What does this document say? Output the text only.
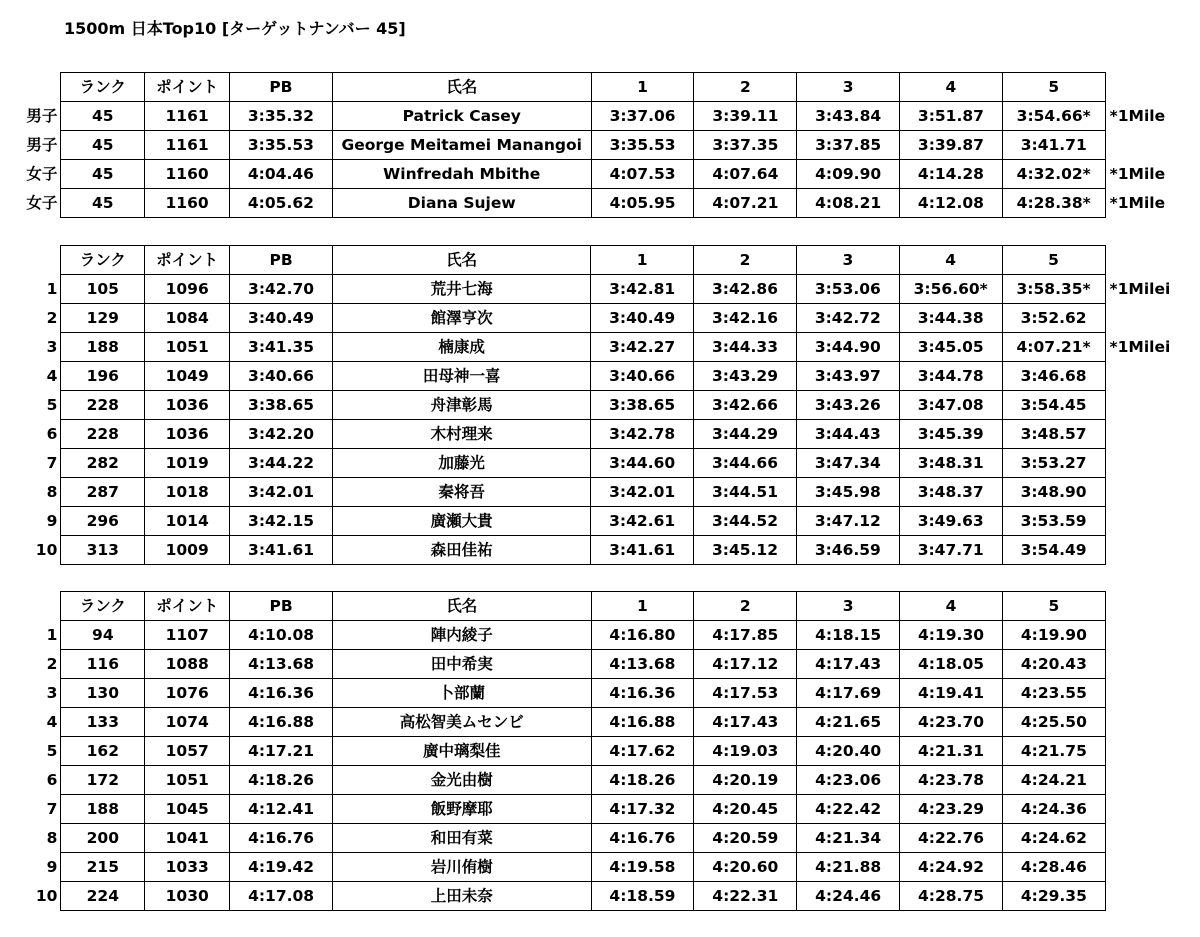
1500m 日本Top10 [ターゲットナンバー 45]
	ランク	ポイント	PB	氏名	1	2	3	4	5	
男子	45	1161	3:35.32	Patrick Casey	3:37.06	3:39.11	3:43.84	3:51.87	3:54.66*	*1Mile
男子	45	1161	3:35.53	George Meitamei Manangoi	3:35.53	3:37.35	3:37.85	3:39.87	3:41.71	
女子	45	1160	4:04.46	Winfredah Mbithe	4:07.53	4:07.64	4:09.90	4:14.28	4:32.02*	*1Mile
女子	45	1160	4:05.62	Diana Sujew	4:05.95	4:07.21	4:08.21	4:12.08	4:28.38*	*1Mile
	ランク	ポイント	PB	氏名	1	2	3	4	5	
1	105	1096	3:42.70	荒井七海	3:42.81	3:42.86	3:53.06	3:56.60*	3:58.35*	*1Milei
2	129	1084	3:40.49	館澤亨次	3:40.49	3:42.16	3:42.72	3:44.38	3:52.62	
3	188	1051	3:41.35	楠康成	3:42.27	3:44.33	3:44.90	3:45.05	4:07.21*	*1Milei
4	196	1049	3:40.66	田母神一喜	3:40.66	3:43.29	3:43.97	3:44.78	3:46.68	
5	228	1036	3:38.65	舟津彰馬	3:38.65	3:42.66	3:43.26	3:47.08	3:54.45	
6	228	1036	3:42.20	木村理来	3:42.78	3:44.29	3:44.43	3:45.39	3:48.57	
7	282	1019	3:44.22	加藤光	3:44.60	3:44.66	3:47.34	3:48.31	3:53.27	
8	287	1018	3:42.01	秦将吾	3:42.01	3:44.51	3:45.98	3:48.37	3:48.90	
9	296	1014	3:42.15	廣瀬大貴	3:42.61	3:44.52	3:47.12	3:49.63	3:53.59	
10	313	1009	3:41.61	森田佳祐	3:41.61	3:45.12	3:46.59	3:47.71	3:54.49	
	ランク	ポイント	PB	氏名	1	2	3	4	5	
1	94	1107	4:10.08	陣内綾子	4:16.80	4:17.85	4:18.15	4:19.30	4:19.90	
2	116	1088	4:13.68	田中希実	4:13.68	4:17.12	4:17.43	4:18.05	4:20.43	
3	130	1076	4:16.36	卜部蘭	4:16.36	4:17.53	4:17.69	4:19.41	4:23.55	
4	133	1074	4:16.88	高松智美ムセンビ	4:16.88	4:17.43	4:21.65	4:23.70	4:25.50	
5	162	1057	4:17.21	廣中璃梨佳	4:17.62	4:19.03	4:20.40	4:21.31	4:21.75	
6	172	1051	4:18.26	金光由樹	4:18.26	4:20.19	4:23.06	4:23.78	4:24.21	
7	188	1045	4:12.41	飯野摩耶	4:17.32	4:20.45	4:22.42	4:23.29	4:24.36	
8	200	1041	4:16.76	和田有菜	4:16.76	4:20.59	4:21.34	4:22.76	4:24.62	
9	215	1033	4:19.42	岩川侑樹	4:19.58	4:20.60	4:21.88	4:24.92	4:28.46	
10	224	1030	4:17.08	上田未奈	4:18.59	4:22.31	4:24.46	4:28.75	4:29.35	
